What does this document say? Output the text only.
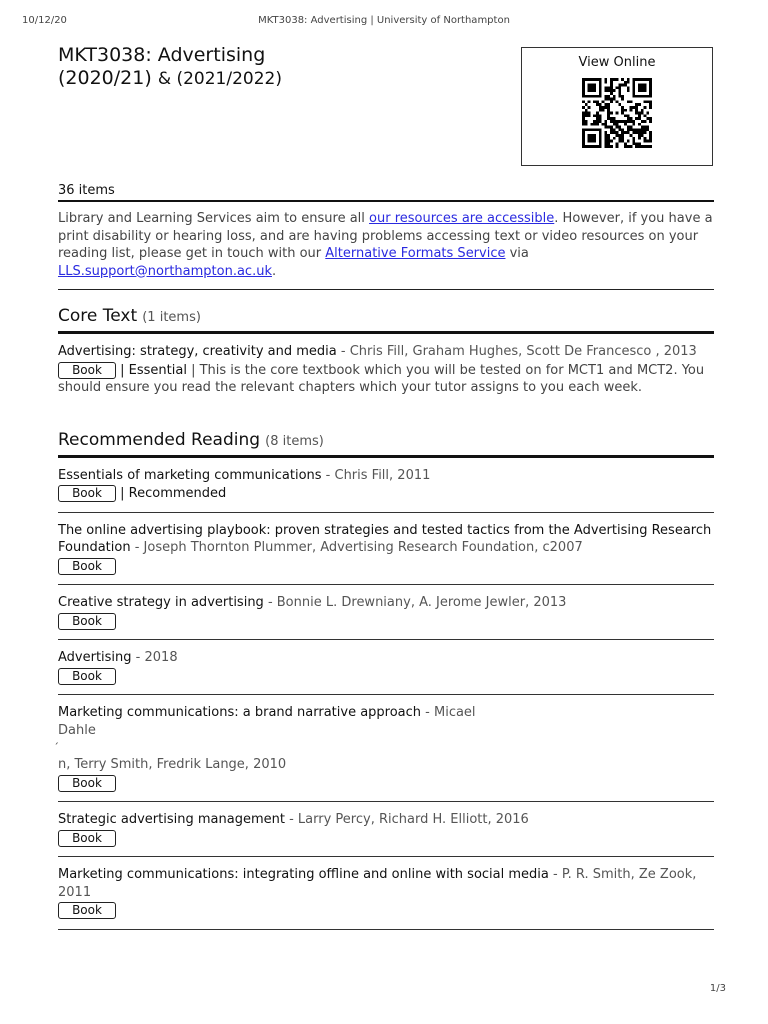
10/12/20	MKT3038: Advertising | University of Northampton
MKT3038: Advertising
(2020/21) & (2021/2022)
View Online
36 items
Library and Learning Services aim to ensure all our resources are accessible. However, if you have a print disability or hearing loss, and are having problems accessing text or video resources on your reading list, please get in touch with our Alternative Formats Service via LLS.support@northampton.ac.uk.
Core Text (1 items)
Advertising: strategy, creativity and media - Chris Fill, Graham Hughes, Scott De Francesco , 2013
Book | Essential | This is the core textbook which you will be tested on for MCT1 and MCT2. You should ensure you read the relevant chapters which your tutor assigns to you each week.
Recommended Reading (8 items)
Essentials of marketing communications - Chris Fill, 2011
Book | Recommended
The online advertising playbook: proven strategies and tested tactics from the Advertising Research Foundation - Joseph Thornton Plummer, Advertising Research Foundation, c2007
Book
Creative strategy in advertising - Bonnie L. Drewniany, A. Jerome Jewler, 2013
Book
Advertising - 2018
Book
Marketing communications: a brand narrative approach - Micael
Dahle
n, Terry Smith, Fredrik Lange, 2010
Book
Strategic advertising management - Larry Percy, Richard H. Elliott, 2016
Book
Marketing communications: integrating offline and online with social media - P. R. Smith, Ze Zook, 2011
Book
1/3
